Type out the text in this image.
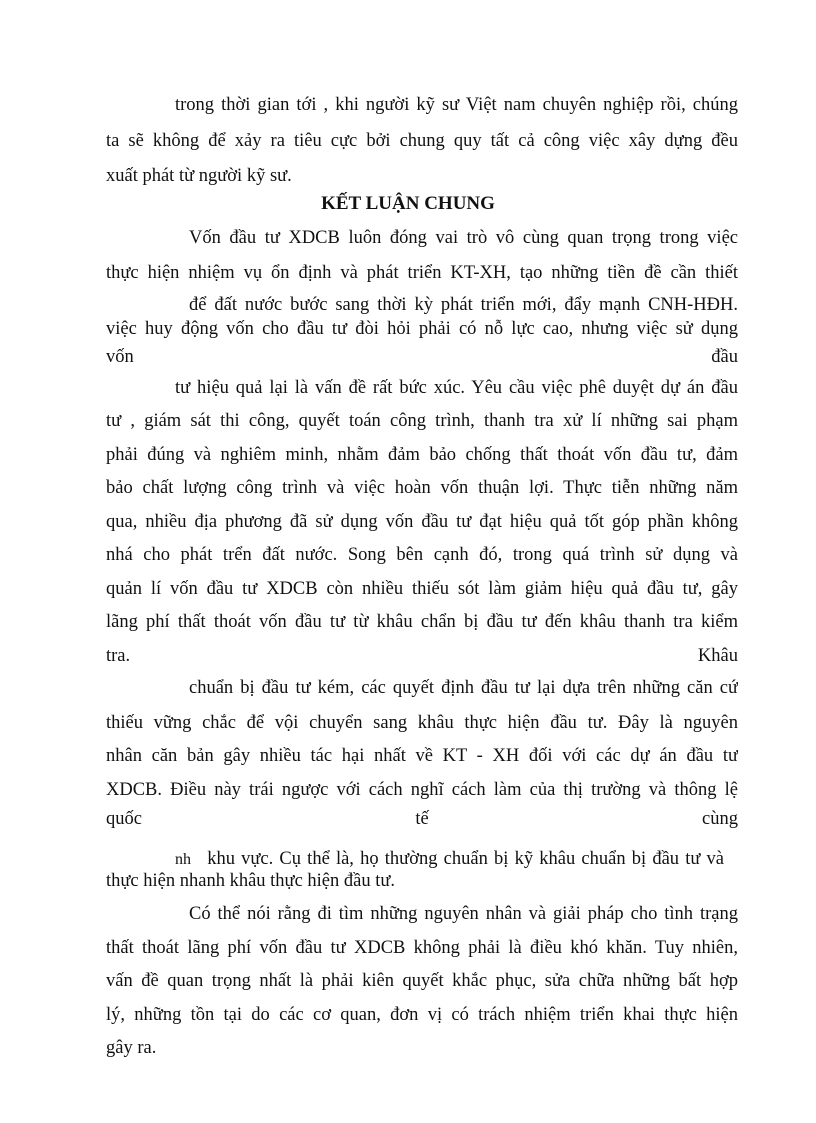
trong thời gian tới , khi người kỹ sư Việt nam chuyên nghiệp rồi, chúng
ta sẽ không để xảy ra tiêu cực bởi chung quy tất cả công việc xây dựng đều
xuất phát từ người kỹ sư.
KẾT LUẬN CHUNG
Vốn đầu tư XDCB luôn đóng vai trò vô cùng quan trọng trong việc
thực hiện nhiệm vụ ổn định và phát triển KT-XH, tạo những tiền đề cần thiết
để đất nước bước sang thời kỳ phát triển mới, đẩy mạnh CNH-HĐH.
việc huy động vốn cho đầu tư đòi hỏi phải có nỗ lực cao, nhưng việc sử dụng
vốn	đầu
tư hiệu quả lại là vấn đề rất bức xúc. Yêu cầu việc phê duyệt dự án đầu
tư , giám sát thi công, quyết toán công trình, thanh tra xử lí những sai phạm
phải đúng và nghiêm minh, nhằm đảm bảo chống thất thoát vốn đầu tư, đảm
bảo chất lượng công trình và việc hoàn vốn thuận lợi. Thực tiễn những năm
qua, nhiều địa phương đã sử dụng vốn đầu tư đạt hiệu quả tốt góp phần không
nhá cho phát trển đất nước. Song bên cạnh đó, trong quá trình sử dụng và
quản lí vốn đầu tư XDCB còn nhiều thiếu sót làm giảm hiệu quả đầu tư, gây
lãng phí thất thoát vốn đầu tư từ khâu chẩn bị đầu tư đến khâu thanh tra kiểm
tra.	Khâu
chuẩn bị đầu tư kém, các quyết định đầu tư lại dựa trên những căn cứ
thiếu vững chắc để vội chuyển sang khâu thực hiện đầu tư. Đây là nguyên
nhân căn bản gây nhiều tác hại nhất về KT - XH đối với các dự án đầu tư
XDCB. Điều này trái ngược với cách nghĩ cách làm của thị trường và thông lệ
quốc	tế	cùng
nh khu vực. Cụ thể là, họ thường chuẩn bị kỹ khâu chuẩn bị đầu tư và
thực hiện nhanh khâu thực hiện đầu tư.
Có thể nói rằng đi tìm những nguyên nhân và giải pháp cho tình trạng
thất thoát lãng phí vốn đầu tư XDCB không phải là điều khó khăn. Tuy nhiên,
vấn đề quan trọng nhất là phải kiên quyết khắc phục, sửa chữa những bất hợp
lý, những tồn tại do các cơ quan, đơn vị có trách nhiệm triển khai thực hiện
gây ra.
